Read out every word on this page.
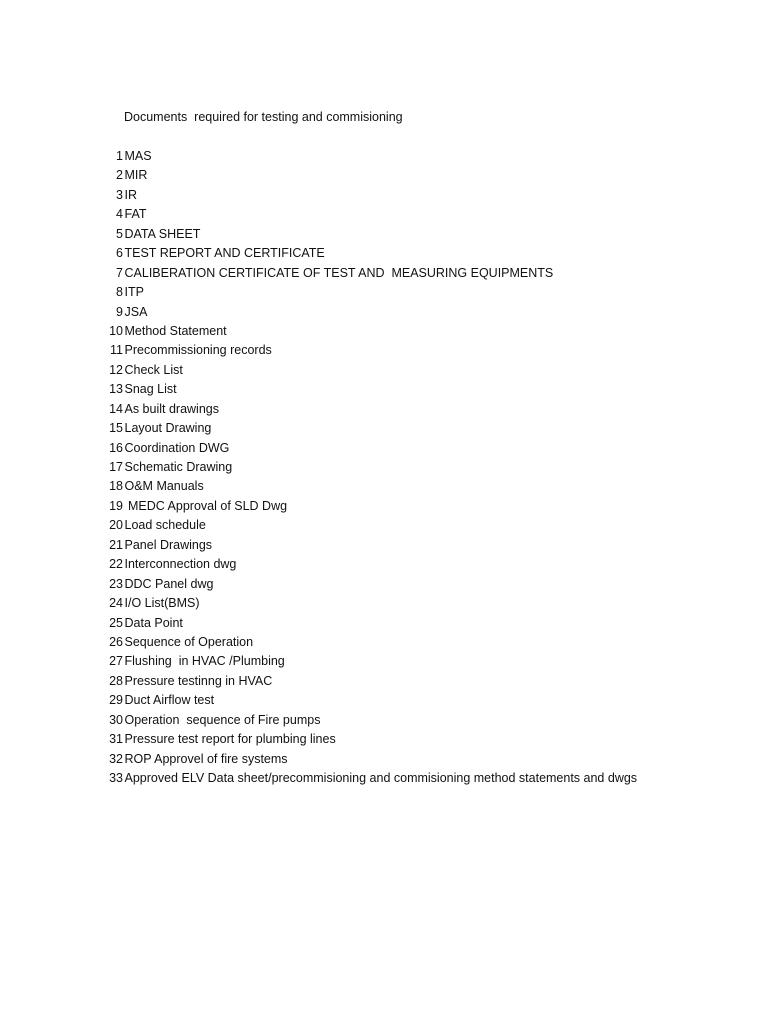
Documents  required for testing and commisioning
1 MAS
2 MIR
3 IR
4 FAT
5 DATA SHEET
6 TEST REPORT AND CERTIFICATE
7 CALIBERATION CERTIFICATE OF TEST AND  MEASURING EQUIPMENTS
8 ITP
9 JSA
10 Method Statement
11 Precommissioning records
12 Check List
13 Snag List
14 As built drawings
15 Layout Drawing
16 Coordination DWG
17 Schematic Drawing
18 O&M Manuals
19 MEDC Approval of SLD Dwg
20 Load schedule
21 Panel Drawings
22 Interconnection dwg
23 DDC Panel dwg
24 I/O List(BMS)
25 Data Point
26 Sequence of Operation
27 Flushing  in HVAC /Plumbing
28 Pressure testinng in HVAC
29 Duct Airflow test
30 Operation  sequence of Fire pumps
31 Pressure test report for plumbing lines
32 ROP Approvel of fire systems
33 Approved ELV Data sheet/precommisioning and commisioning method statements and dwgs
